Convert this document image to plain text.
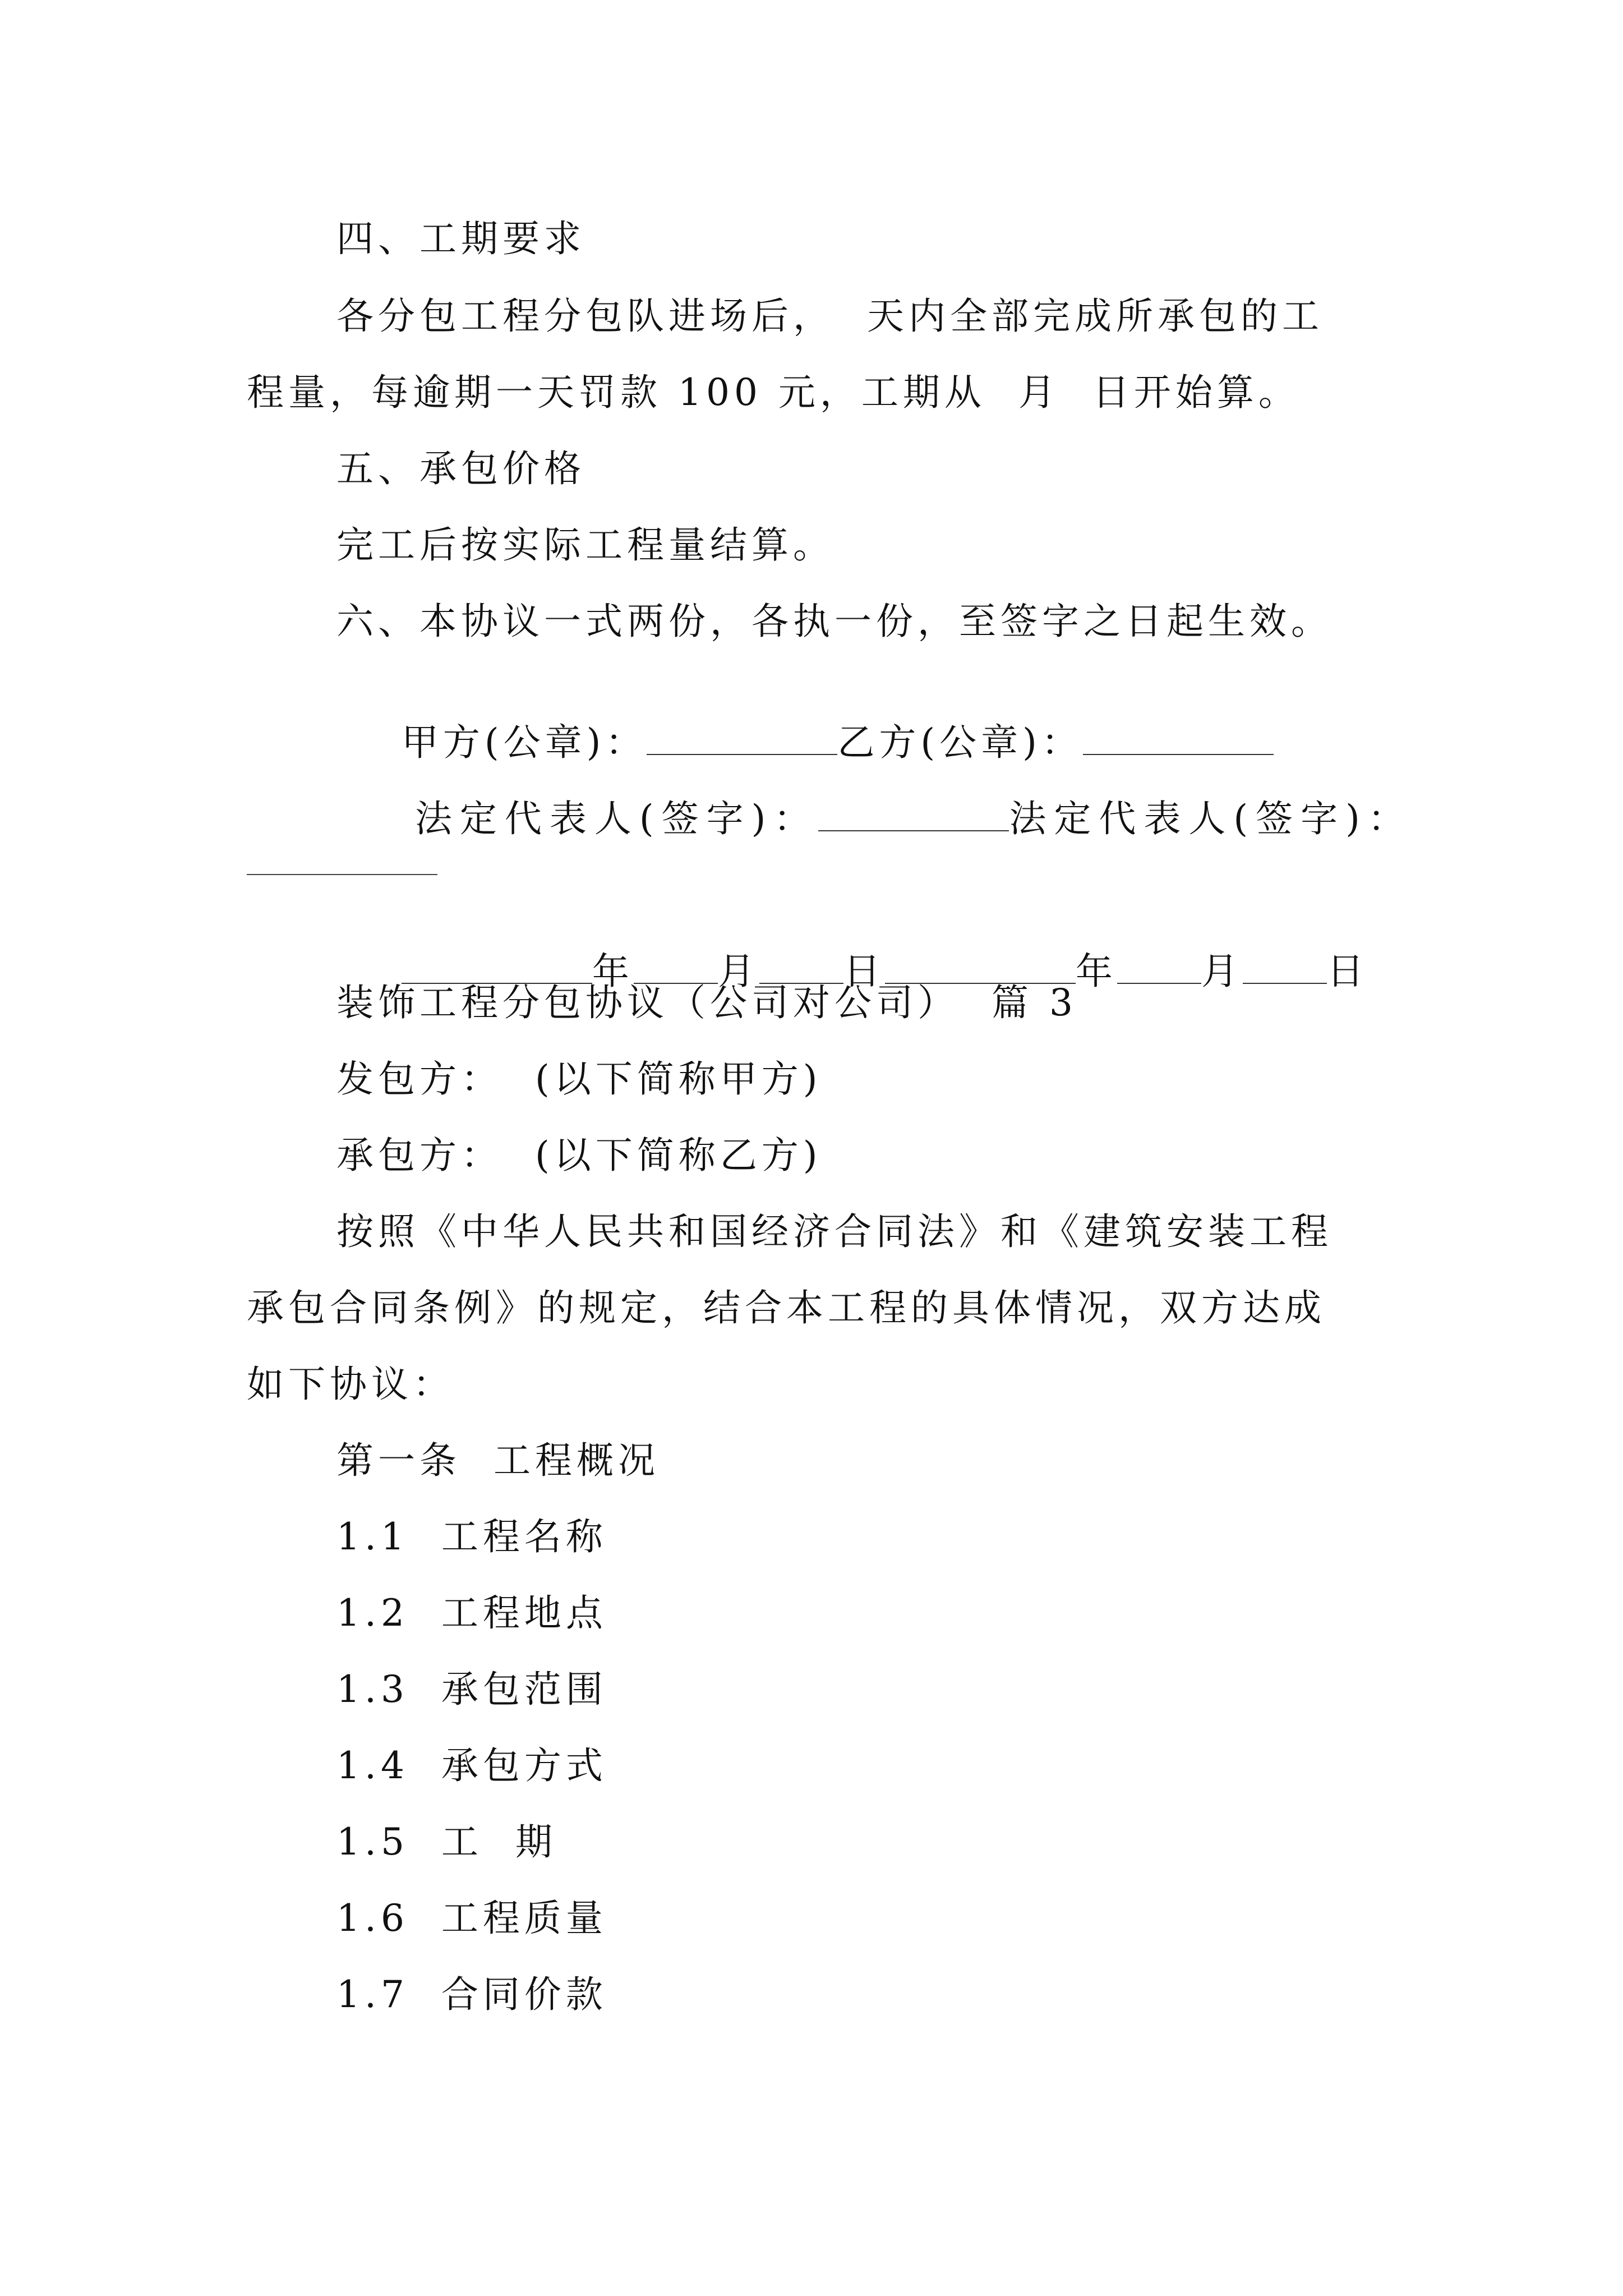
四、工期要求
各分包工程分包队进场后，  天内全部完成所承包的工
程量，每逾期一天罚款 100 元，工期从  月  日开始算。
五、承包价格
完工后按实际工程量结算。
六、本协议一式两份，各执一份，至签字之日起生效。

甲方(公章)：	乙方(公章)：

法定代表人(签字)：	法定代表人(签字)：

年 月 日	年 月 日

装饰工程分包协议（公司对公司）  篇 3
发包方：  (以下简称甲方)
承包方：  (以下简称乙方)
按照《中华人民共和国经济合同法》和《建筑安装工程
承包合同条例》的规定，结合本工程的具体情况，双方达成
如下协议：
第一条  工程概况
1.1  工程名称
1.2  工程地点
1.3  承包范围
1.4  承包方式
1.5  工  期
1.6  工程质量
1.7  合同价款
